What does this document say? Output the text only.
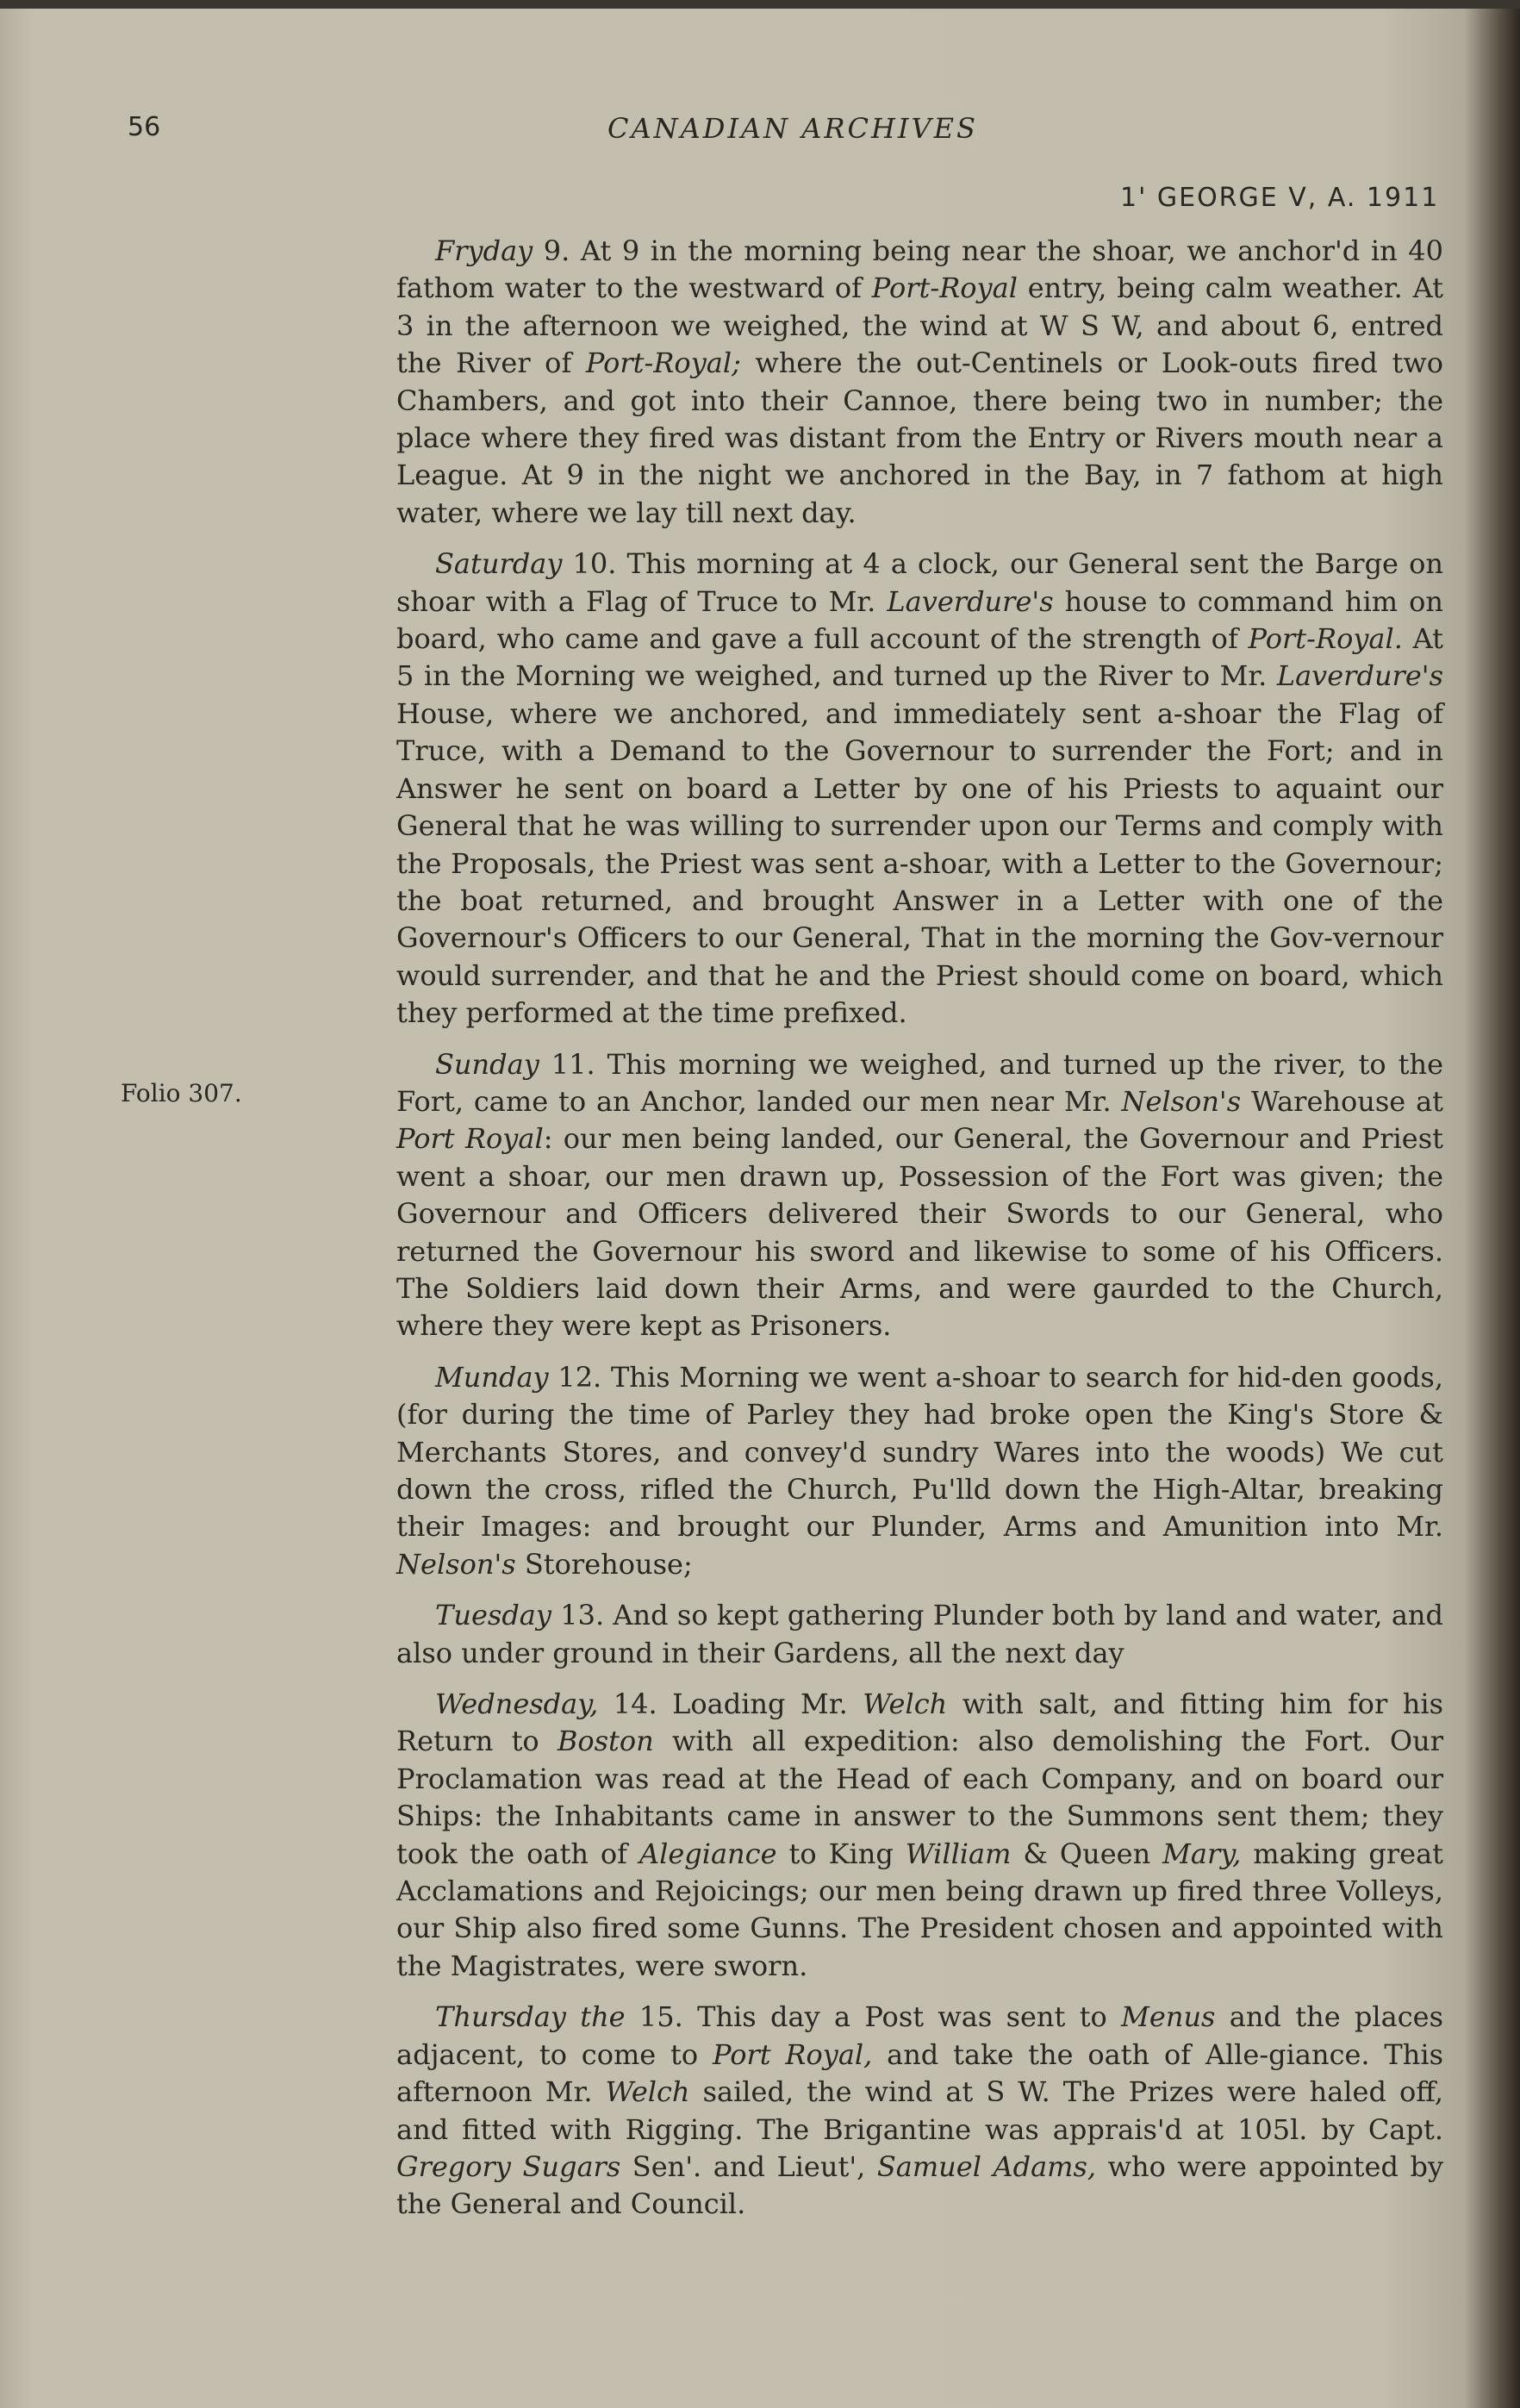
56	CANADIAN ARCHIVES
1' GEORGE V, A. 1911
Folio 307.

Fryday 9. At 9 in the morning being near the shoar, we anchor'd in 40 fathom water to the westward of Port-Royal entry, being calm weather. At 3 in the afternoon we weighed, the wind at W S W, and about 6, entred the River of Port-Royal; where the out-Centinels or Look-outs fired two Chambers, and got into their Cannoe, there being two in number; the place where they fired was distant from the Entry or Rivers mouth near a League. At 9 in the night we anchored in the Bay, in 7 fathom at high water, where we lay till next day.

Saturday 10. This morning at 4 a clock, our General sent the Barge on shoar with a Flag of Truce to Mr. Laverdure's house to command him on board, who came and gave a full account of the strength of Port-Royal. At 5 in the Morning we weighed, and turned up the River to Mr. Laverdure's House, where we anchored, and immediately sent a-shoar the Flag of Truce, with a Demand to the Governour to surrender the Fort; and in Answer he sent on board a Letter by one of his Priests to aquaint our General that he was willing to surrender upon our Terms and comply with the Proposals, the Priest was sent a-shoar, with a Letter to the Governour; the boat returned, and brought Answer in a Letter with one of the Governour's Officers to our General, That in the morning the Gov-vernour would surrender, and that he and the Priest should come on board, which they performed at the time prefixed.

Sunday 11. This morning we weighed, and turned up the river, to the Fort, came to an Anchor, landed our men near Mr. Nelson's Warehouse at Port Royal: our men being landed, our General, the Governour and Priest went a shoar, our men drawn up, Possession of the Fort was given; the Governour and Officers delivered their Swords to our General, who returned the Governour his sword and likewise to some of his Officers. The Soldiers laid down their Arms, and were gaurded to the Church, where they were kept as Prisoners.

Munday 12. This Morning we went a-shoar to search for hid-den goods, (for during the time of Parley they had broke open the King's Store & Merchants Stores, and convey'd sundry Wares into the woods) We cut down the cross, rifled the Church, Pu'lld down the High-Altar, breaking their Images: and brought our Plunder, Arms and Amunition into Mr. Nelson's Storehouse;

Tuesday 13. And so kept gathering Plunder both by land and water, and also under ground in their Gardens, all the next day

Wednesday, 14. Loading Mr. Welch with salt, and fitting him for his Return to Boston with all expedition: also demolishing the Fort. Our Proclamation was read at the Head of each Company, and on board our Ships: the Inhabitants came in answer to the Summons sent them; they took the oath of Alegiance to King William & Queen Mary, making great Acclamations and Rejoicings; our men being drawn up fired three Volleys, our Ship also fired some Gunns. The President chosen and appointed with the Magistrates, were sworn.

Thursday the 15. This day a Post was sent to Menus and the places adjacent, to come to Port Royal, and take the oath of Alle-giance. This afternoon Mr. Welch sailed, the wind at S W. The Prizes were haled off, and fitted with Rigging. The Brigantine was apprais'd at 105l. by Capt. Gregory Sugars Sen'. and Lieut', Samuel Adams, who were appointed by the General and Council.
